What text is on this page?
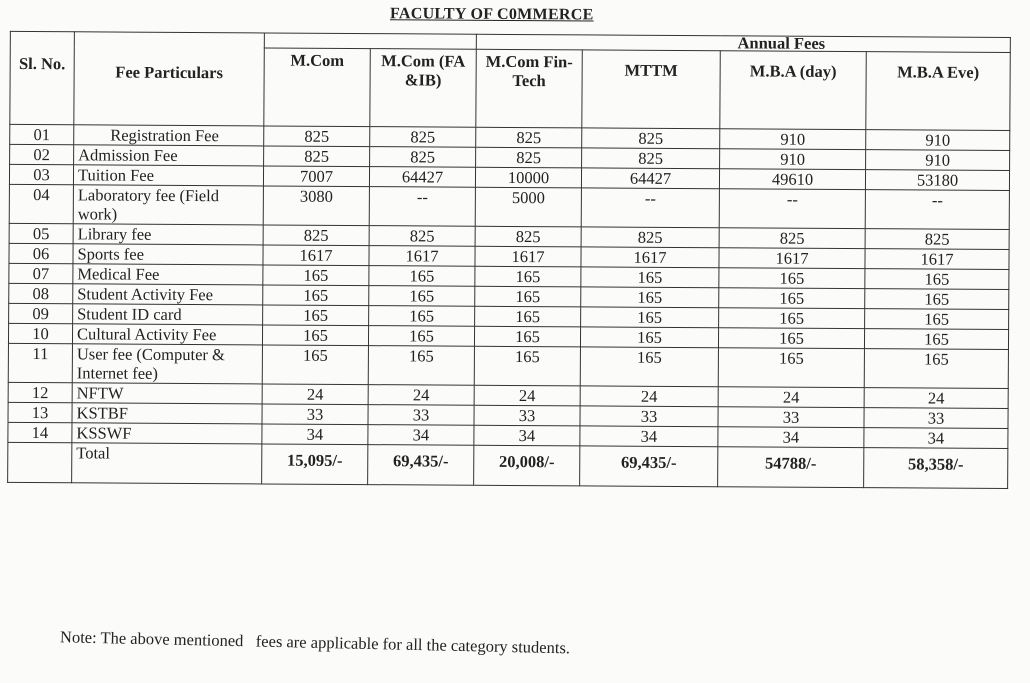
FACULTY OF C0MMERCE
Sl. No.	Fee Particulars			Annual Fees			
		M.Com	M.Com (FA &IB)	M.Com Fin-Tech	MTTM	M.B.A (day)	M.B.A Eve)
01	Registration Fee	825	825	825	825	910	910
02	Admission Fee	825	825	825	825	910	910
03	Tuition Fee	7007	64427	10000	64427	49610	53180
04	Laboratory fee (Field work)	3080	--	5000	--	--	--
05	Library fee	825	825	825	825	825	825
06	Sports fee	1617	1617	1617	1617	1617	1617
07	Medical Fee	165	165	165	165	165	165
08	Student Activity Fee	165	165	165	165	165	165
09	Student ID card	165	165	165	165	165	165
10	Cultural Activity Fee	165	165	165	165	165	165
11	User fee (Computer & Internet fee)	165	165	165	165	165	165
12	NFTW	24	24	24	24	24	24
13	KSTBF	33	33	33	33	33	33
14	KSSWF	34	34	34	34	34	34
	Total	15,095/-	69,435/-	20,008/-	69,435/-	54788/-	58,358/-
Note: The above mentioned   fees are applicable for all the category students.
